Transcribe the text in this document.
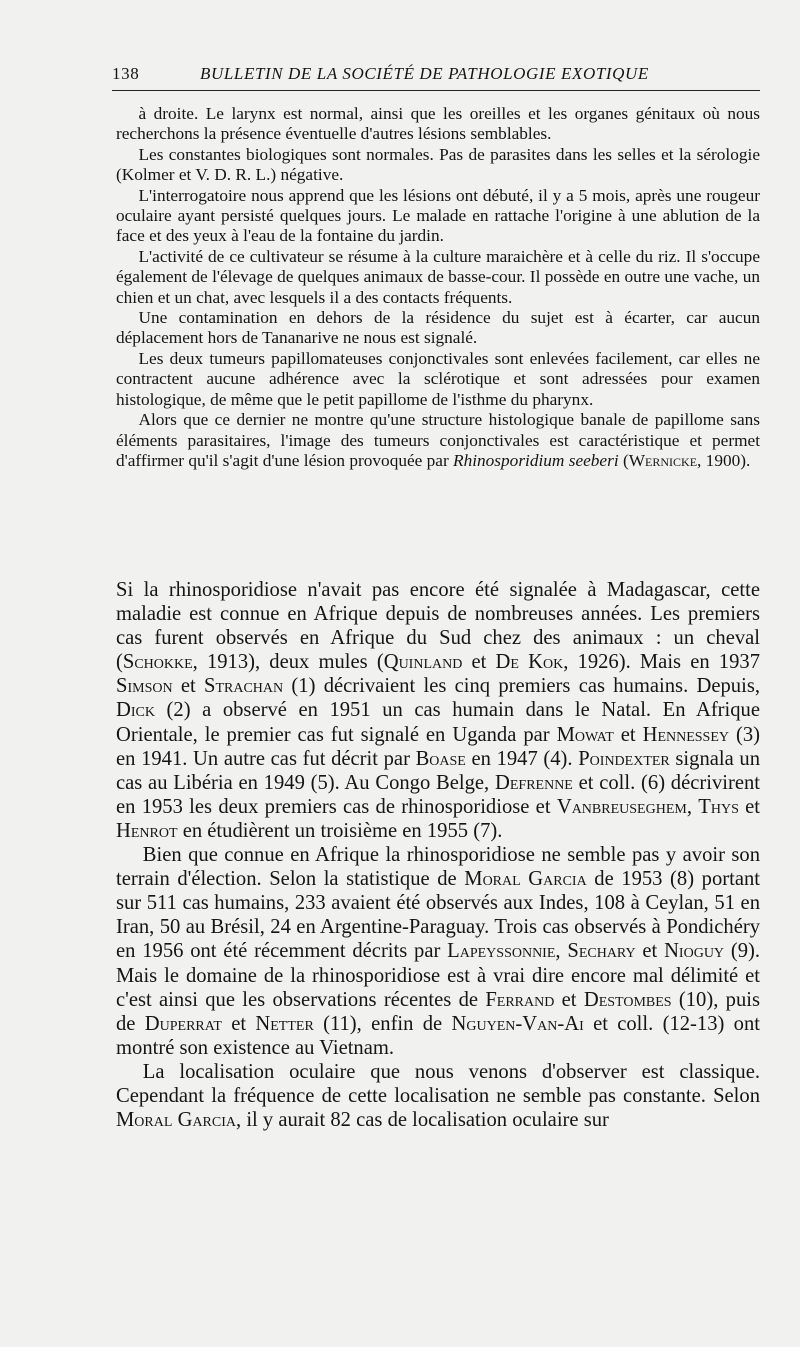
138	BULLETIN DE LA SOCIÉTÉ DE PATHOLOGIE EXOTIQUE

à droite. Le larynx est normal, ainsi que les oreilles et les organes génitaux où nous recherchons la présence éventuelle d'autres lésions semblables.

Les constantes biologiques sont normales. Pas de parasites dans les selles et la sérologie (Kolmer et V. D. R. L.) négative.

L'interrogatoire nous apprend que les lésions ont débuté, il y a 5 mois, après une rougeur oculaire ayant persisté quelques jours. Le malade en rattache l'origine à une ablution de la face et des yeux à l'eau de la fontaine du jardin.

L'activité de ce cultivateur se résume à la culture maraichère et à celle du riz. Il s'occupe également de l'élevage de quelques animaux de basse-cour. Il possède en outre une vache, un chien et un chat, avec lesquels il a des contacts fréquents.

Une contamination en dehors de la résidence du sujet est à écarter, car aucun déplacement hors de Tananarive ne nous est signalé.

Les deux tumeurs papillomateuses conjonctivales sont enlevées facilement, car elles ne contractent aucune adhérence avec la sclérotique et sont adressées pour examen histologique, de même que le petit papillome de l'isthme du pharynx.

Alors que ce dernier ne montre qu'une structure histologique banale de papillome sans éléments parasitaires, l'image des tumeurs conjonctivales est caractéristique et permet d'affirmer qu'il s'agit d'une lésion provoquée par Rhinosporidium seeberi (Wernicke, 1900).

Si la rhinosporidiose n'avait pas encore été signalée à Madagascar, cette maladie est connue en Afrique depuis de nombreuses années. Les premiers cas furent observés en Afrique du Sud chez des animaux : un cheval (Schokke, 1913), deux mules (Quinland et De Kok, 1926). Mais en 1937 Simson et Strachan (1) décrivaient les cinq premiers cas humains. Depuis, Dick (2) a observé en 1951 un cas humain dans le Natal. En Afrique Orientale, le premier cas fut signalé en Uganda par Mowat et Hennessey (3) en 1941. Un autre cas fut décrit par Boase en 1947 (4). Poindexter signala un cas au Libéria en 1949 (5). Au Congo Belge, Defrenne et coll. (6) décrivirent en 1953 les deux premiers cas de rhinosporidiose et Vanbreuseghem, Thys et Henrot en étudièrent un troisième en 1955 (7).

Bien que connue en Afrique la rhinosporidiose ne semble pas y avoir son terrain d'élection. Selon la statistique de Moral Garcia de 1953 (8) portant sur 511 cas humains, 233 avaient été observés aux Indes, 108 à Ceylan, 51 en Iran, 50 au Brésil, 24 en Argentine-Paraguay. Trois cas observés à Pondichéry en 1956 ont été récemment décrits par Lapeyssonnie, Sechary et Nioguy (9). Mais le domaine de la rhinosporidiose est à vrai dire encore mal délimité et c'est ainsi que les observations récentes de Ferrand et Destombes (10), puis de Duperrat et Netter (11), enfin de Nguyen-Van-Ai et coll. (12-13) ont montré son existence au Vietnam.

La localisation oculaire que nous venons d'observer est classique. Cependant la fréquence de cette localisation ne semble pas constante. Selon Moral Garcia, il y aurait 82 cas de localisation oculaire sur
